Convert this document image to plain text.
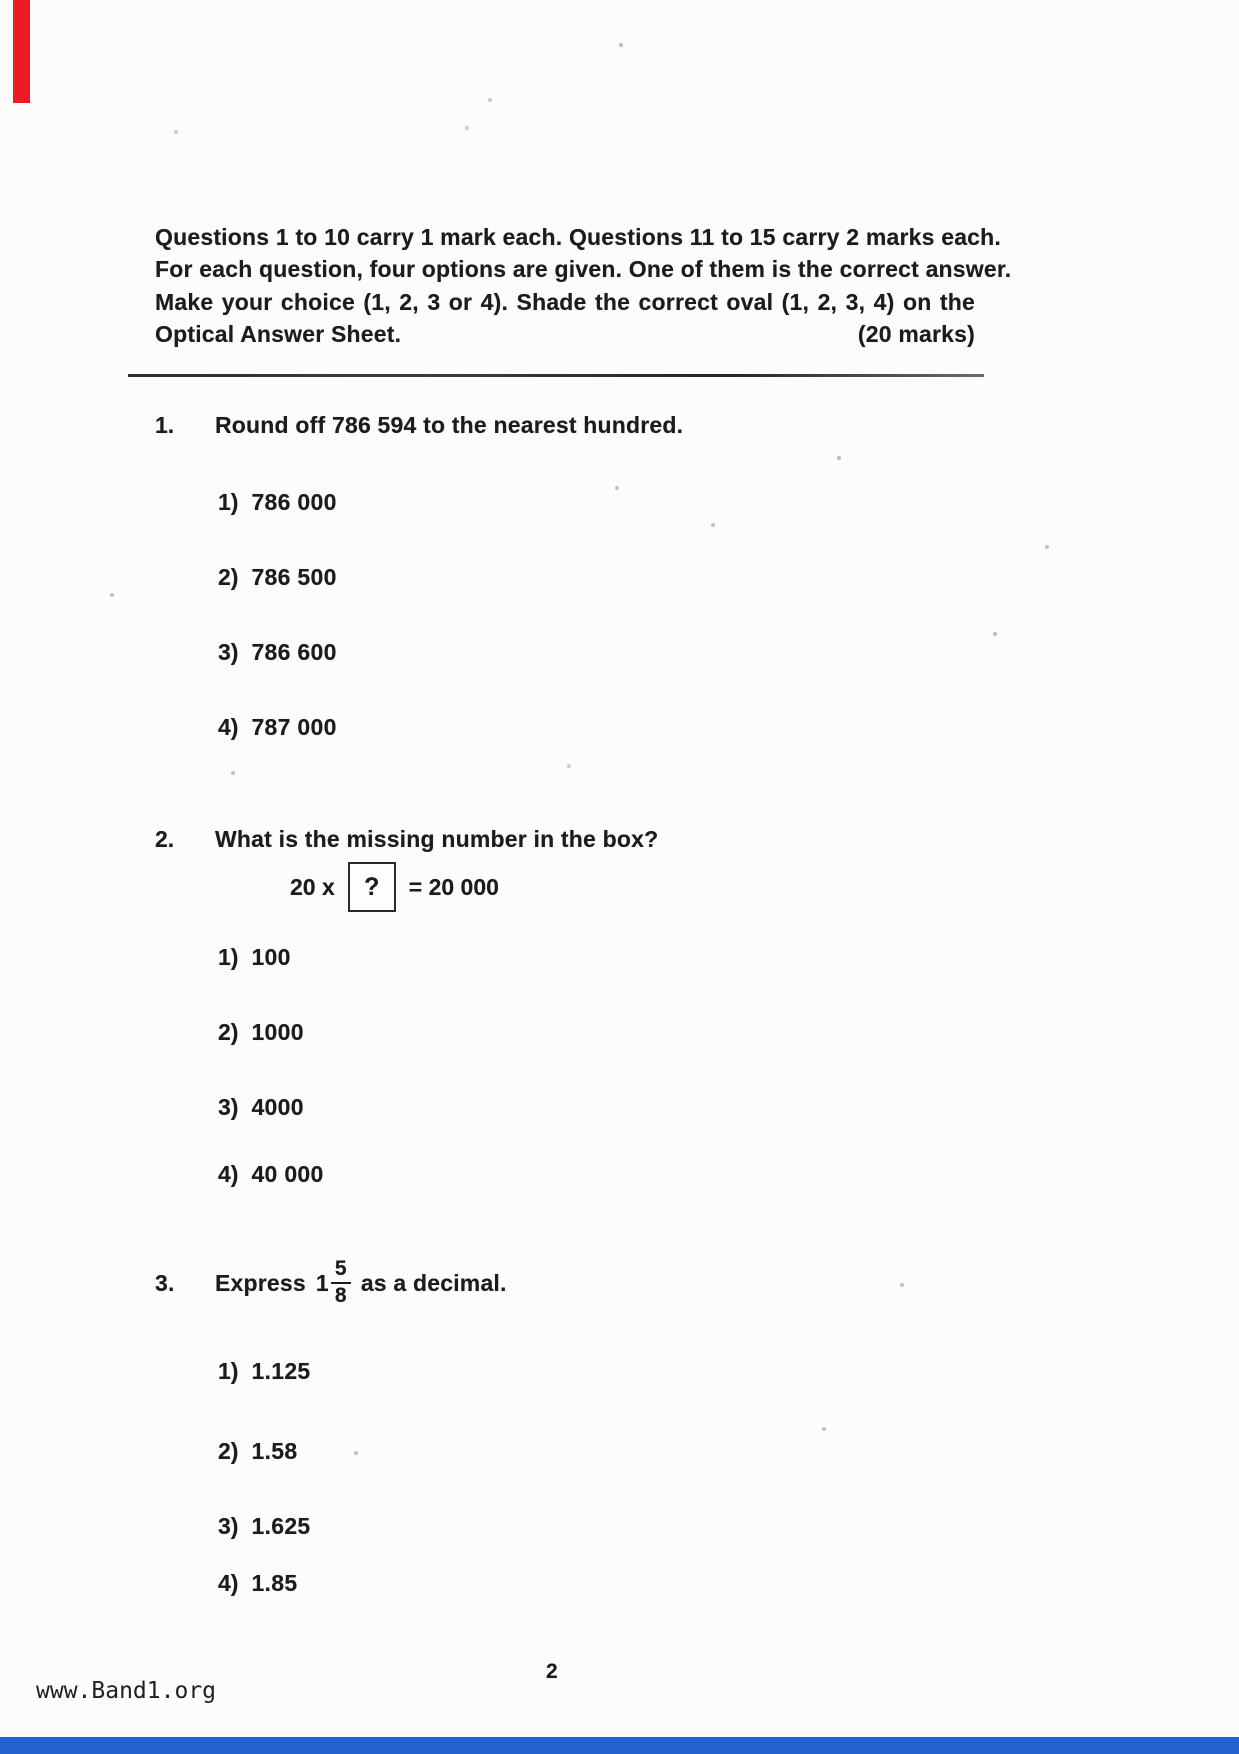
Questions 1 to 10 carry 1 mark each. Questions 11 to 15 carry 2 marks each.
For each question, four options are given. One of them is the correct answer.
Make your choice (1, 2, 3 or 4). Shade the correct oval (1, 2, 3, 4) on the
Optical Answer Sheet.	(20 marks)
1. Round off 786 594 to the nearest hundred.
1) 786 000
2) 786 500
3) 786 600
4) 787 000
2. What is the missing number in the box?
20 x	?	= 20 000
1) 100
2) 1000
3) 4000
4) 40 000
3.	Express $1 \frac{5}{8}$ as a decimal.
1) 1.125
2) 1.58
3) 1.625
4) 1.85
2
www.Band1.org
